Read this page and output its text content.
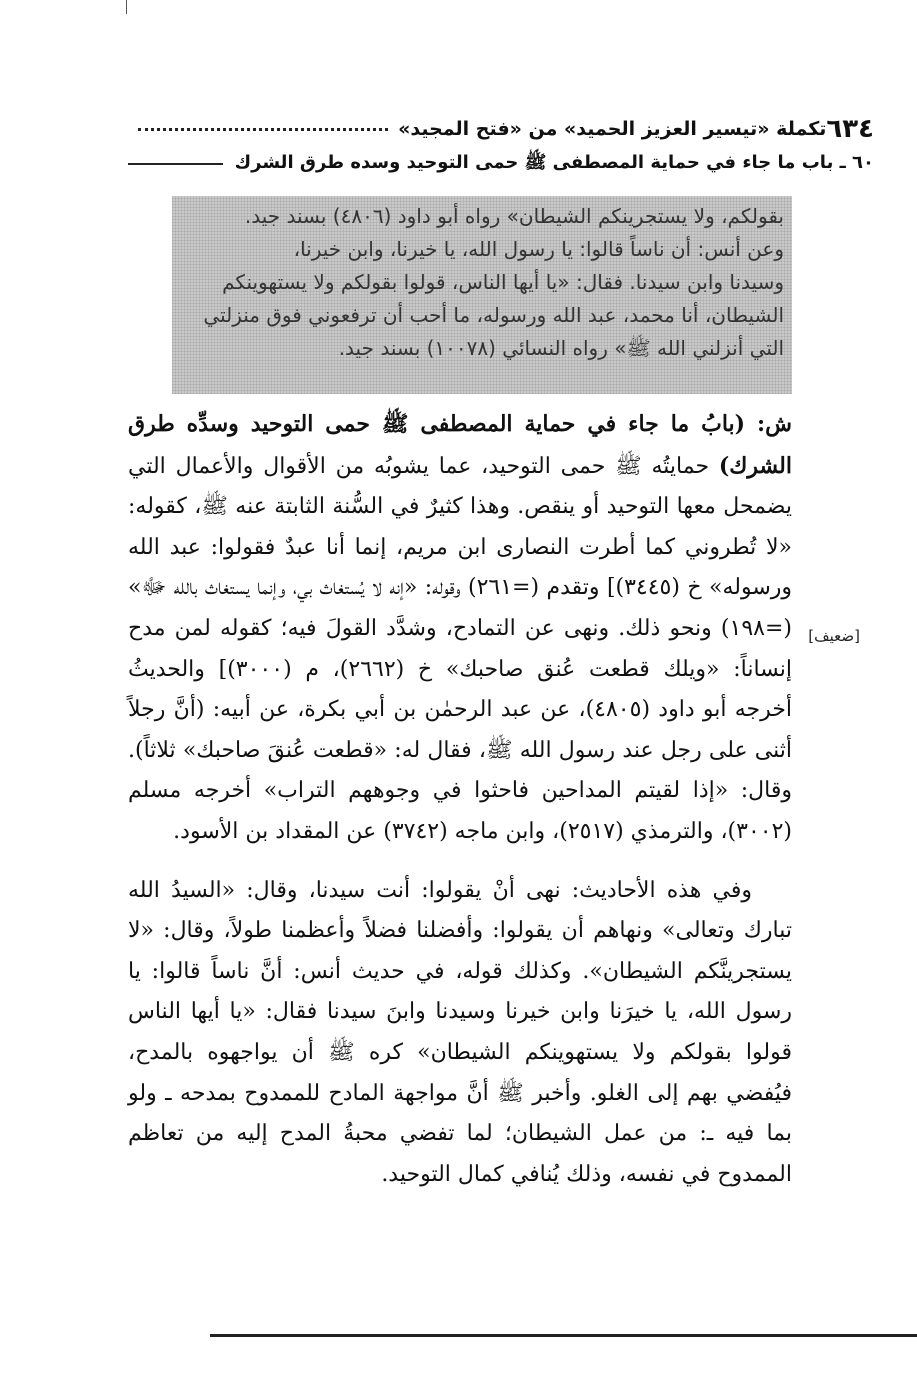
٦٣٤
تكملة «تيسير العزيز الحميد» من «فتح المجيد»
٦٠ ـ باب ما جاء في حماية المصطفى ﷺ حمى التوحيد وسده طرق الشرك

بقولكم، ولا يستجرينكم الشيطان» رواه أبو داود (٤٨٠٦) بسند جيد.

وعن أنس: أن ناساً قالوا: يا رسول الله، يا خيرنا، وابن خيرنا،

وسيدنا وابن سيدنا. فقال: «يا أيها الناس، قولوا بقولكم ولا يستهوينكم

الشيطان، أنا محمد، عبد الله ورسوله، ما أحب أن ترفعوني فوق منزلتي

التي أنزلني الله ﷺ» رواه النسائي (١٠٠٧٨) بسند جيد.

[ضعيف]

ش: (بابُ ما جاء في حماية المصطفى ﷺ حمى التوحيد وسدِّه طرق الشرك) حمايتُه ﷺ حمى التوحيد، عما يشوبُه من الأقوال والأعمال التي يضمحل معها التوحيد أو ينقص. وهذا كثيرٌ في السُّنة الثابتة عنه ﷺ، كقوله: «لا تُطروني كما أطرت النصارى ابن مريم، إنما أنا عبدٌ فقولوا: عبد الله ورسوله» خ (٣٤٤٥)] وتقدم (=٢٦١) وقوله: «إنه لا يُستغاث بي، وإنما يستغاث بالله ﷻ» (=١٩٨) ونحو ذلك. ونهى عن التمادح، وشدَّد القولَ فيه؛ كقوله لمن مدح إنساناً: «ويلك قطعت عُنق صاحبك» خ (٢٦٦٢)، م (٣٠٠٠)] والحديثُ أخرجه أبو داود (٤٨٠٥)، عن عبد الرحمٰن بن أبي بكرة، عن أبيه: (أنَّ رجلاً أثنى على رجل عند رسول الله ﷺ، فقال له: «قطعت عُنقَ صاحبك» ثلاثاً). وقال: «إذا لقيتم المداحين فاحثوا في وجوههم التراب» أخرجه مسلم (٣٠٠٢)، والترمذي (٢٥١٧)، وابن ماجه (٣٧٤٢) عن المقداد بن الأسود.

وفي هذه الأحاديث: نهى أنْ يقولوا: أنت سيدنا، وقال: «السيدُ الله تبارك وتعالى» ونهاهم أن يقولوا: وأفضلنا فضلاً وأعظمنا طولاً، وقال: «لا يستجرينَّكم الشيطان». وكذلك قوله، في حديث أنس: أنَّ ناساً قالوا: يا رسول الله، يا خيرَنا وابن خيرنا وسيدنا وابنَ سيدنا فقال: «يا أيها الناس قولوا بقولكم ولا يستهوينكم الشيطان» كره ﷺ أن يواجهوه بالمدح، فيُفضي بهم إلى الغلو. وأخبر ﷺ أنَّ مواجهة المادح للممدوح بمدحه ـ ولو بما فيه ـ: من عمل الشيطان؛ لما تفضي محبةُ المدح إليه من تعاظم الممدوح في نفسه، وذلك يُنافي كمال التوحيد.
